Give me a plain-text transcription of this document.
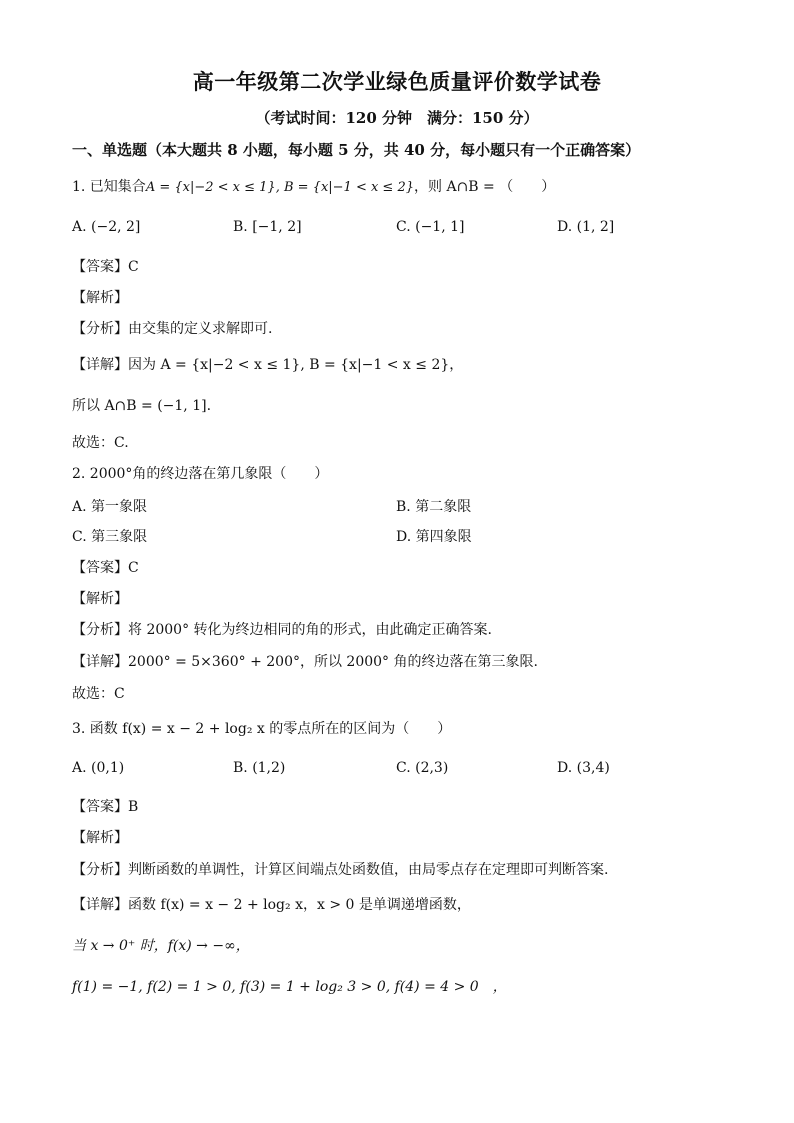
高一年级第二次学业绿色质量评价数学试卷
（考试时间：120 分钟　满分：150 分）
一、单选题（本大题共 8 小题，每小题 5 分，共 40 分，每小题只有一个正确答案）
1. 已知集合A = {x|−2 < x ≤ 1}, B = {x|−1 < x ≤ 2}，则 A∩B = （　　）
A. (−2, 2]	B. [−1, 2]	C. (−1, 1]	D. (1, 2]
【答案】C
【解析】
【分析】由交集的定义求解即可.
【详解】因为 A = {x|−2 < x ≤ 1}, B = {x|−1 < x ≤ 2}，
所以 A∩B = (−1, 1].
故选：C.
2. 2000°角的终边落在第几象限（　　）
A. 第一象限	B. 第二象限
C. 第三象限	D. 第四象限
【答案】C
【解析】
【分析】将 2000° 转化为终边相同的角的形式，由此确定正确答案.
【详解】2000° = 5×360° + 200°，所以 2000° 角的终边落在第三象限.
故选：C
3. 函数 f(x) = x − 2 + log₂ x 的零点所在的区间为（　　）
A. (0,1)	B. (1,2)	C. (2,3)	D. (3,4)
【答案】B
【解析】
【分析】判断函数的单调性，计算区间端点处函数值，由局零点存在定理即可判断答案.
【详解】函数 f(x) = x − 2 + log₂ x，x > 0 是单调递增函数，
当 x → 0⁺ 时，f(x) → −∞，
f(1) = −1, f(2) = 1 > 0, f(3) = 1 + log₂ 3 > 0, f(4) = 4 > 0　，
